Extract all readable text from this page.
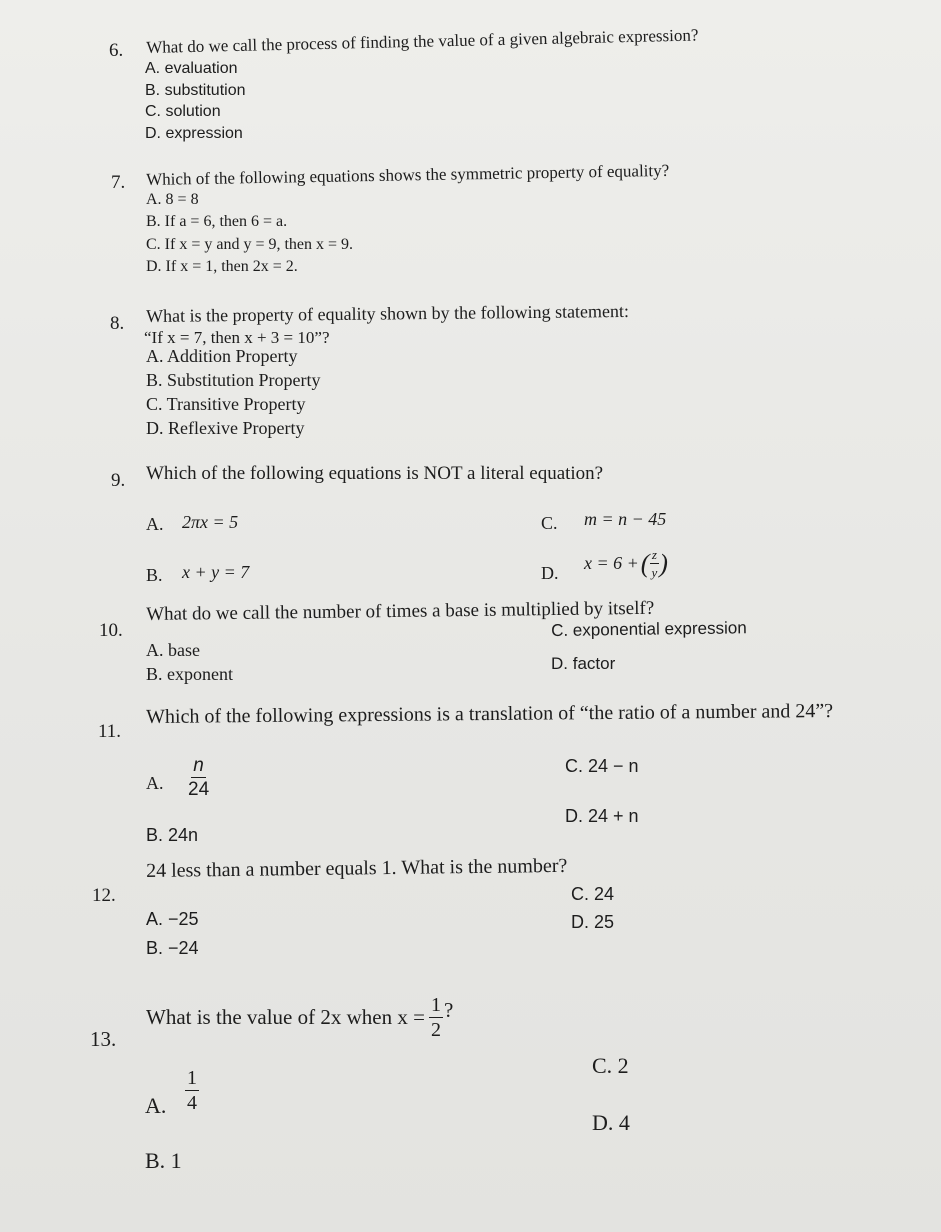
6. What do we call the process of finding the value of a given algebraic expression?
A. evaluation
B. substitution
C. solution
D. expression
7. Which of the following equations shows the symmetric property of equality?
A. 8 = 8
B. If a = 6, then 6 = a.
C. If x = y and y = 9, then x = 9.
D. If x = 1, then 2x = 2.
8. What is the property of equality shown by the following statement:
“If x = 7, then x + 3 = 10”?
A. Addition Property
B. Substitution Property
C. Transitive Property
D. Reflexive Property
9. Which of the following equations is NOT a literal equation?
A. 2πx = 5
B. x + y = 7
C. m = n − 45
D. x = 6 + ( $\frac{z}{y}$ )
10.
What do we call the number of times a base is multiplied by itself?
A. base
B. exponent
C. exponential expression
D. factor
11.
Which of the following expressions is a translation of “the ratio of a number and 24”?
A. $\frac{n}{24}$
B. 24n
C. 24 − n
D. 24 + n
12.
24 less than a number equals 1. What is the number?
A. −25
B. −24
C. 24
D. 25
13.
What is the value of 2x when $x = \frac{1}{2}$ ?
A. $\frac{1}{4}$
B. 1
C. 2
D. 4
